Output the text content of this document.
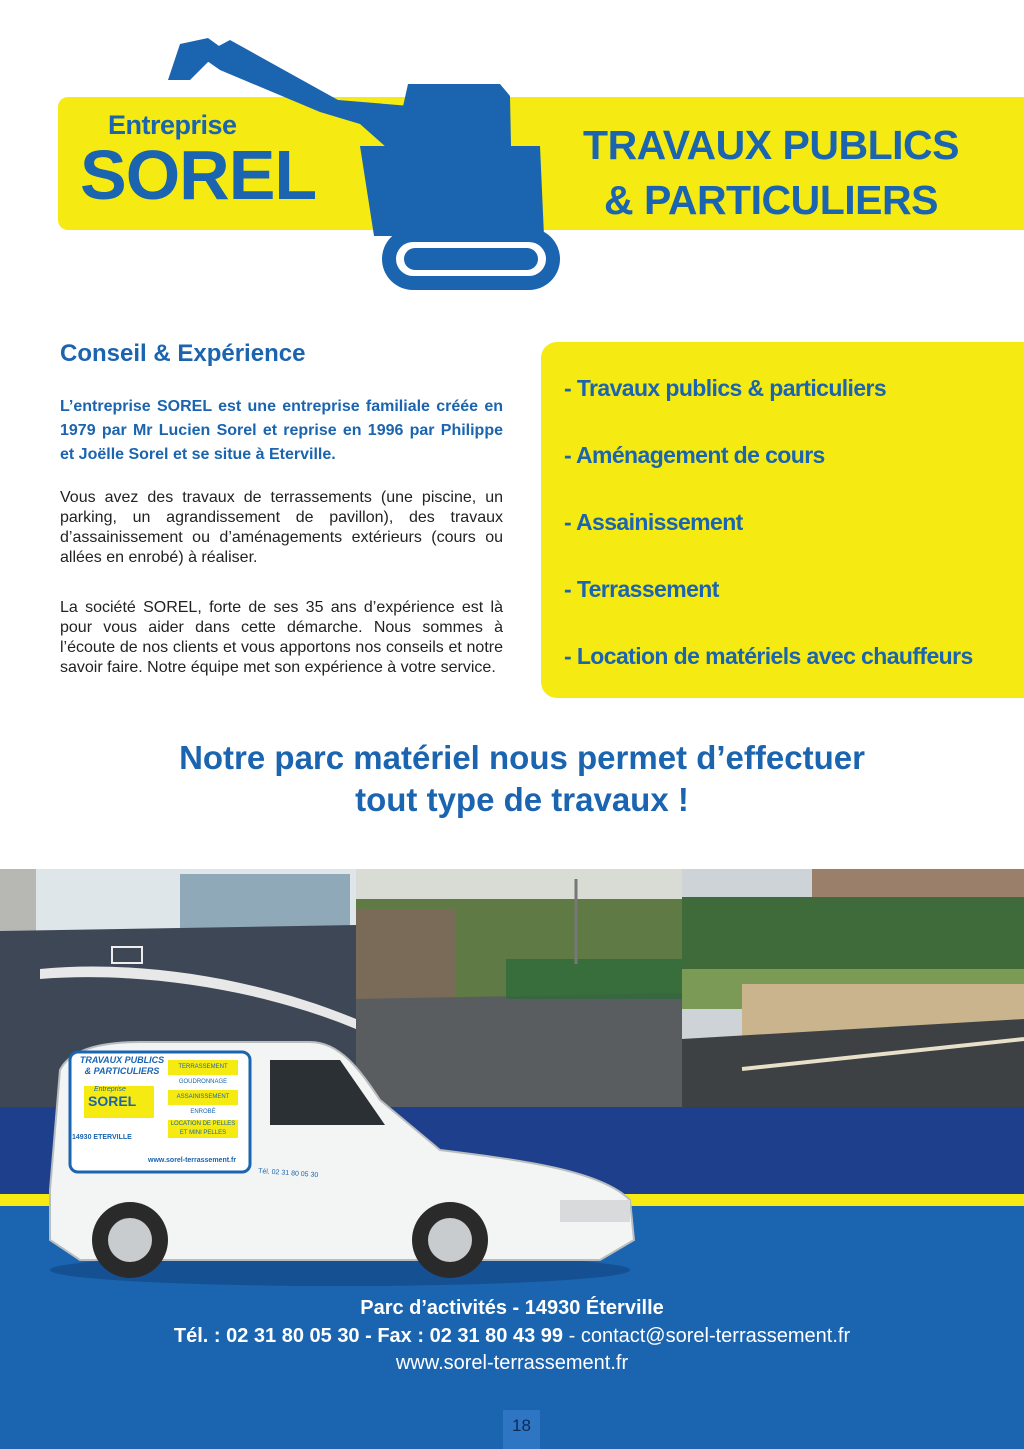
Entreprise
SOREL	TRAVAUX PUBLICS
& PARTICULIERS
Conseil & Expérience
L’entreprise SOREL est une entreprise familiale créée en 1979 par Mr Lucien Sorel et reprise en 1996 par Philippe et Joëlle Sorel et se situe à Eterville.
Vous avez des travaux de terrassements (une piscine, un parking, un agrandissement de pavillon), des travaux d’assainissement ou d’aménagements extérieurs (cours ou allées en enrobé) à réaliser.
La société SOREL, forte de ses 35 ans d’expérience est là pour vous aider dans cette démarche. Nous sommes à l’écoute de nos clients et vous apportons nos conseils et notre savoir faire. Notre équipe met son expérience à votre service.
- Travaux publics & particuliers
- Aménagement de cours
- Assainissement
- Terrassement
- Location de matériels avec chauffeurs
Notre parc matériel nous permet d’effectuer
tout type de travaux !
TRAVAUX PUBLICS
& PARTICULIERS
Entreprise
SOREL
14930 ETERVILLE
www.sorel-terrassement.fr
TERRASSEMENT
GOUDRONNAGE
ASSAINISSEMENT
ENROBÉ
LOCATION DE PELLES ET MINI PELLES
Tél. 02 31 80 05 30
Parc d’activités - 14930 Éterville
Tél. : 02 31 80 05 30 - Fax : 02 31 80 43 99 - contact@sorel-terrassement.fr
www.sorel-terrassement.fr
18
